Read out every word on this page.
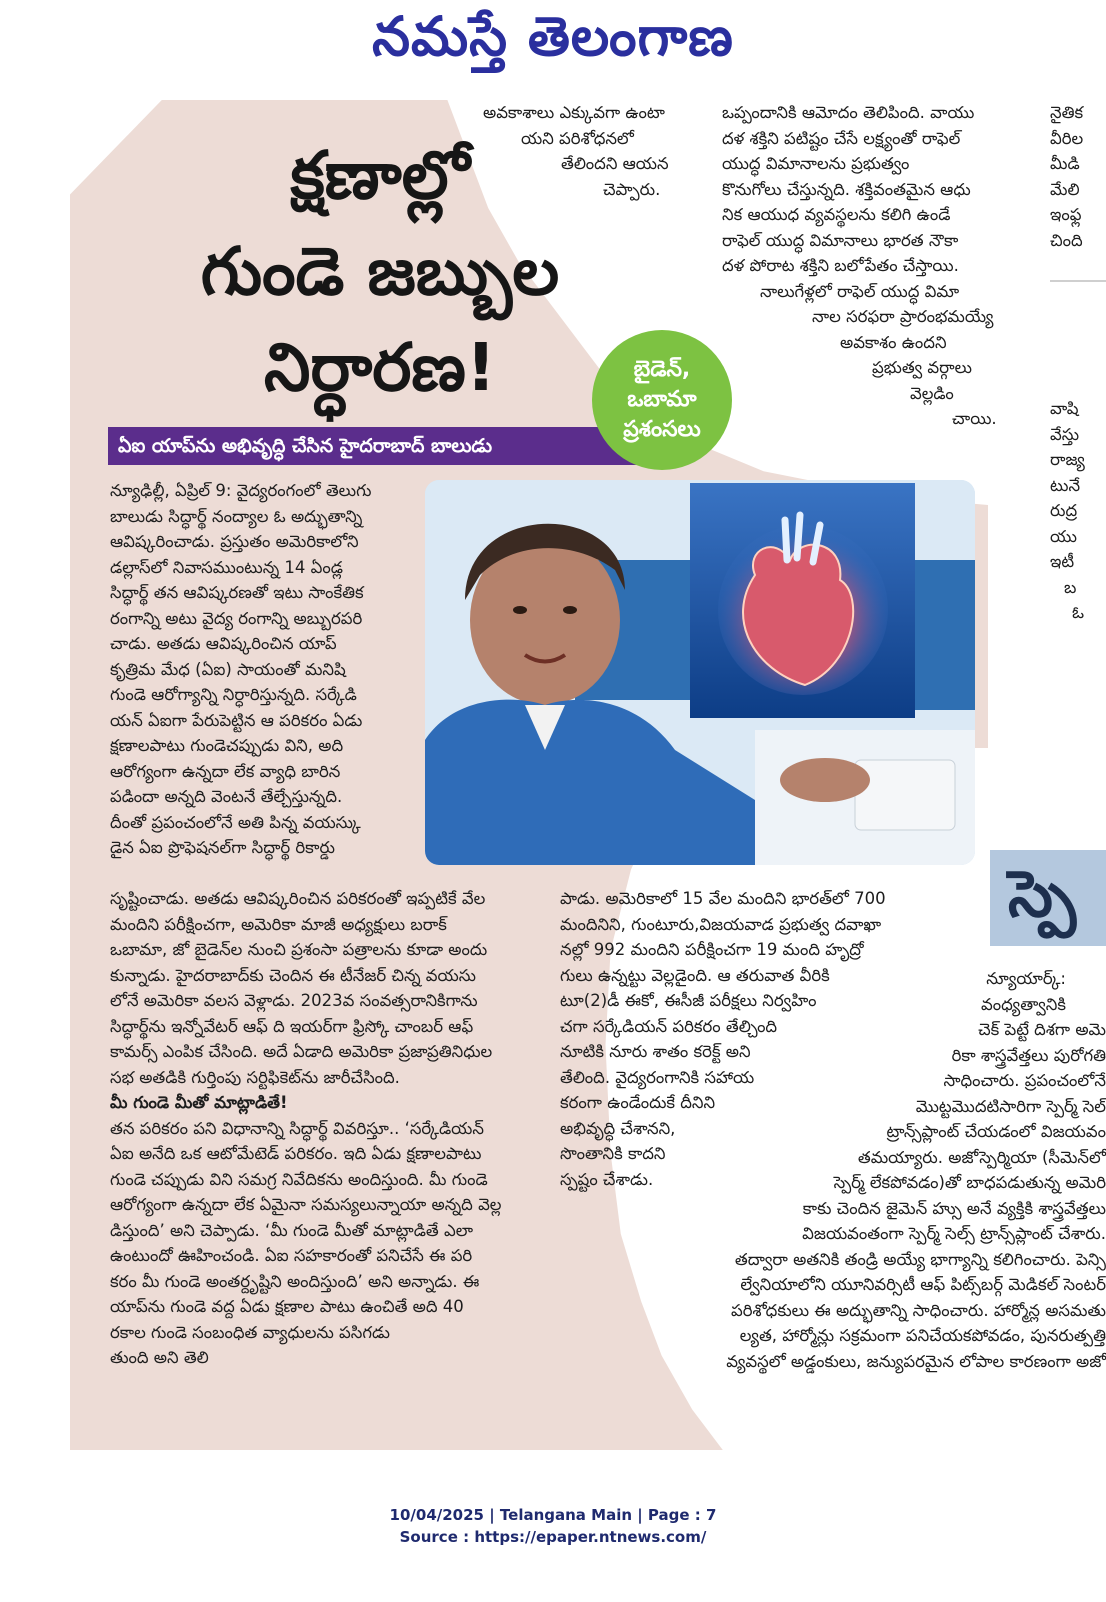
నమస్తే తెలంగాణ
క్షణాల్లో
గుండె జబ్బుల
నిర్ధారణ!
ఏఐ యాప్‌ను అభివృద్ధి చేసిన హైదరాబాద్‌ బాలుడు
బైడెన్‌,
ఒబామా
ప్రశంసలు
అవకాశాలు ఎక్కువగా ఉంటా
యని పరిశోధనలో
తేలిందని ఆయన
చెప్పారు.
ఒప్పందానికి ఆమోదం తెలిపింది. వాయు
దళ శక్తిని పటిష్టం చేసే లక్ష్యంతో రాఫెల్‌
యుద్ధ విమానాలను ప్రభుత్వం
కొనుగోలు చేస్తున్నది. శక్తివంతమైన ఆధు
నిక ఆయుధ వ్యవస్థలను కలిగి ఉండే
రాఫెల్‌ యుద్ధ విమానాలు భారత నౌకా
దళ పోరాట శక్తిని బలోపేతం చేస్తాయి.
నాలుగేళ్లలో రాఫెల్‌ యుద్ధ విమా
నాల సరఫరా ప్రారంభమయ్యే
అవకాశం ఉందని
ప్రభుత్వ వర్గాలు
వెల్లడిం
చాయి.
నైతిక
వీరిల
మీడి
మేలి
ఇంఫ్ల
చింది
వాషి
వేస్తు
రాజ్య
టునే
రుద్ర
యు
ఇటీ
బ
ఓ
న్యూఢిల్లీ, ఏప్రిల్‌ 9: వైద్యరంగంలో తెలుగు
బాలుడు సిద్ధార్థ్‌ నంద్యాల ఓ అద్భుతాన్ని
ఆవిష్కరించాడు. ప్రస్తుతం అమెరికాలోని
డల్లాస్‌లో నివాసముంటున్న 14 ఏండ్ల
సిద్ధార్థ్‌ తన ఆవిష్కరణతో ఇటు సాంకేతిక
రంగాన్ని అటు వైద్య రంగాన్ని అబ్బురపరి
చాడు. అతడు ఆవిష్కరించిన యాప్‌
కృత్రిమ మేధ (ఏఐ) సాయంతో మనిషి
గుండె ఆరోగ్యాన్ని నిర్ధారిస్తున్నది. సర్కేడి
యన్‌ ఏఐగా పేరుపెట్టిన ఆ పరికరం ఏడు
క్షణాలపాటు గుండెచప్పుడు విని, అది
ఆరోగ్యంగా ఉన్నదా లేక వ్యాధి బారిన
పడిందా అన్నది వెంటనే తేల్చేస్తున్నది.
దీంతో ప్రపంచంలోనే అతి పిన్న వయస్కు
డైన ఏఐ ప్రొఫెషనల్‌గా సిద్ధార్థ్‌ రికార్డు
సృష్టించాడు. అతడు ఆవిష్కరించిన పరికరంతో ఇప్పటికే వేల
మందిని పరీక్షించగా, అమెరికా మాజీ అధ్యక్షులు బరాక్‌
ఒబామా, జో బైడెన్‌ల నుంచి ప్రశంసా పత్రాలను కూడా అందు
కున్నాడు. హైదరాబాద్‌కు చెందిన ఈ టీనేజర్‌ చిన్న వయసు
లోనే అమెరికా వలస వెళ్లాడు. 2023వ సంవత్సరానికిగాను
సిద్ధార్థ్‌ను ఇన్నోవేటర్‌ ఆఫ్‌ ది ఇయర్‌గా ఫ్రిస్కో చాంబర్‌ ఆఫ్‌
కామర్స్‌ ఎంపిక చేసింది. అదే ఏడాది అమెరికా ప్రజాప్రతినిధుల
సభ అతడికి గుర్తింపు సర్టిఫికెట్‌ను జారీచేసింది.
మీ గుండె మీతో మాట్లాడితే!
తన పరికరం పని విధానాన్ని సిద్ధార్థ్‌ వివరిస్తూ.. ‘సర్కేడియన్‌
ఏఐ అనేది ఒక ఆటోమేటెడ్‌ పరికరం. ఇది ఏడు క్షణాలపాటు
గుండె చప్పుడు విని సమగ్ర నివేదికను అందిస్తుంది. మీ గుండె
ఆరోగ్యంగా ఉన్నదా లేక ఏమైనా సమస్యలున్నాయా అన్నది వెల్ల
డిస్తుంది’ అని చెప్పాడు. ‘మీ గుండె మీతో మాట్లాడితే ఎలా
ఉంటుందో ఊహించండి. ఏఐ సహకారంతో పనిచేసే ఈ పరి
కరం మీ గుండె అంతర్దృష్టిని అందిస్తుంది’ అని అన్నాడు. ఈ
యాప్‌ను గుండె వద్ద ఏడు క్షణాల పాటు ఉంచితే అది 40
రకాల గుండె సంబంధిత వ్యాధులను పసిగడు
తుంది అని తెలి
పాడు. అమెరికాలో 15 వేల మందిని భారత్‌లో 700
మందినిని, గుంటూరు,విజయవాడ ప్రభుత్వ దవాఖా
నల్లో 992 మందిని పరీక్షించగా 19 మంది హృద్రో
గులు ఉన్నట్టు వెల్లడైంది. ఆ తరువాత వీరికి
టూ(2)డీ ఈకో, ఈసీజీ పరీక్షలు నిర్వహిం
చగా సర్కేడియన్‌ పరికరం తేల్చింది
నూటికి నూరు శాతం కరెక్ట్‌ అని
తేలింది. వైద్యరంగానికి సహాయ
కరంగా ఉండేందుకే దీనిని
అభివృద్ధి చేశానని,
సొంతానికి కాదని
స్పష్టం చేశాడు.
స్పె
న్యూయార్క్‌:
వంధ్యత్వానికి
చెక్‌ పెట్టే దిశగా అమె
రికా శాస్త్రవేత్తలు పురోగతి
సాధించారు. ప్రపంచంలోనే
మొట్టమొదటిసారిగా స్పెర్మ్‌ సెల్
ట్రాన్స్‌ప్లాంట్‌ చేయడంలో విజయవం
తమయ్యారు. అజోస్పెర్మియా (సీమెన్‌లో
స్పెర్మ్‌ లేకపోవడం)తో బాధపడుతున్న అమెరి
కాకు చెందిన జైమెన్‌ హ్సు అనే వ్యక్తికి శాస్త్రవేత్తలు
విజయవంతంగా స్పెర్మ్‌ సెల్స్‌ ట్రాన్స్‌ప్లాంట్‌ చేశారు.
తద్వారా అతనికి తండ్రి అయ్యే భాగ్యాన్ని కలిగించారు. పెన్సి
ల్వేనియాలోని యూనివర్సిటీ ఆఫ్‌ పిట్స్‌బర్గ్‌ మెడికల్‌ సెంటర్‌
పరిశోధకులు ఈ అద్భుతాన్ని సాధించారు. హార్మోన్ల అసమతు
ల్యత, హార్మోన్లు సక్రమంగా పనిచేయకపోవడం, పునరుత్పత్తి
వ్యవస్థలో అడ్డంకులు, జన్యుపరమైన లోపాల కారణంగా అజో
10/04/2025 | Telangana Main | Page : 7
Source : https://epaper.ntnews.com/
